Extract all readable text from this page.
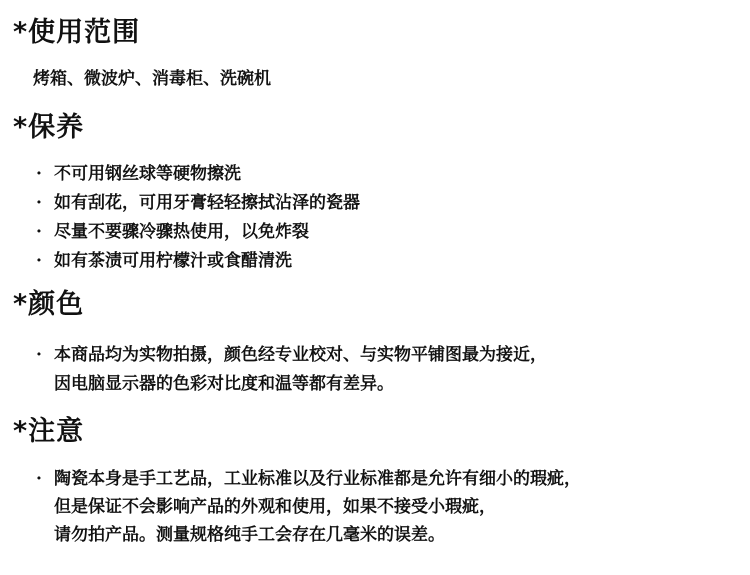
*使用范围

烤箱、微波炉、消毒柜、洗碗机

*保养
· 不可用钢丝球等硬物擦洗
· 如有刮花，可用牙膏轻轻擦拭沾泽的瓷器
· 尽量不要骤冷骤热使用，以免炸裂
· 如有茶渍可用柠檬汁或食醋清洗
*颜色
· 本商品均为实物拍摄，颜色经专业校对、与实物平铺图最为接近，
因电脑显示器的色彩对比度和温等都有差异。
*注意
· 陶瓷本身是手工艺品，工业标准以及行业标准都是允许有细小的瑕疵，
但是保证不会影响产品的外观和使用，如果不接受小瑕疵，
请勿拍产品。测量规格纯手工会存在几毫米的误差。
